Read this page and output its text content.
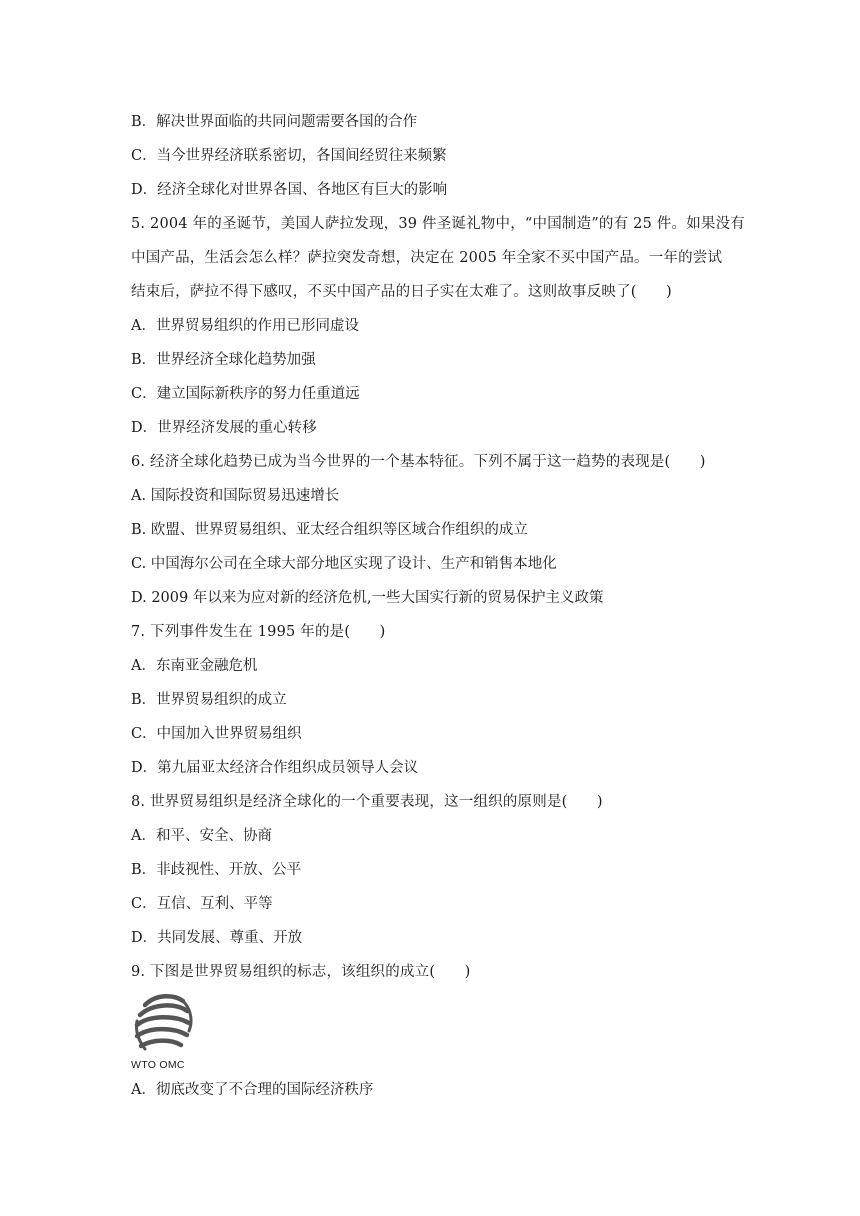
B．解决世界面临的共同问题需要各国的合作
C．当今世界经济联系密切，各国间经贸往来频繁
D．经济全球化对世界各国、各地区有巨大的影响
5. 2004 年的圣诞节，美国人萨拉发现，39 件圣诞礼物中，“中国制造”的有 25 件。如果没有
中国产品，生活会怎么样？萨拉突发奇想，决定在 2005 年全家不买中国产品。一年的尝试
结束后，萨拉不得下感叹，不买中国产品的日子实在太难了。这则故事反映了(　　)
A．世界贸易组织的作用已形同虚设
B．世界经济全球化趋势加强
C．建立国际新秩序的努力任重道远
D．世界经济发展的重心转移
6. 经济全球化趋势已成为当今世界的一个基本特征。下列不属于这一趋势的表现是(　　)
A. 国际投资和国际贸易迅速增长
B. 欧盟、世界贸易组织、亚太经合组织等区域合作组织的成立
C. 中国海尔公司在全球大部分地区实现了设计、生产和销售本地化
D. 2009 年以来为应对新的经济危机,一些大国实行新的贸易保护主义政策
7. 下列事件发生在 1995 年的是(　　)
A．东南亚金融危机
B．世界贸易组织的成立
C．中国加入世界贸易组织
D．第九届亚太经济合作组织成员领导人会议
8. 世界贸易组织是经济全球化的一个重要表现，这一组织的原则是(　　)
A．和平、安全、协商
B．非歧视性、开放、公平
C．互信、互利、平等
D．共同发展、尊重、开放
9. 下图是世界贸易组织的标志，该组织的成立(　　)
WTO OMC
A．彻底改变了不合理的国际经济秩序
